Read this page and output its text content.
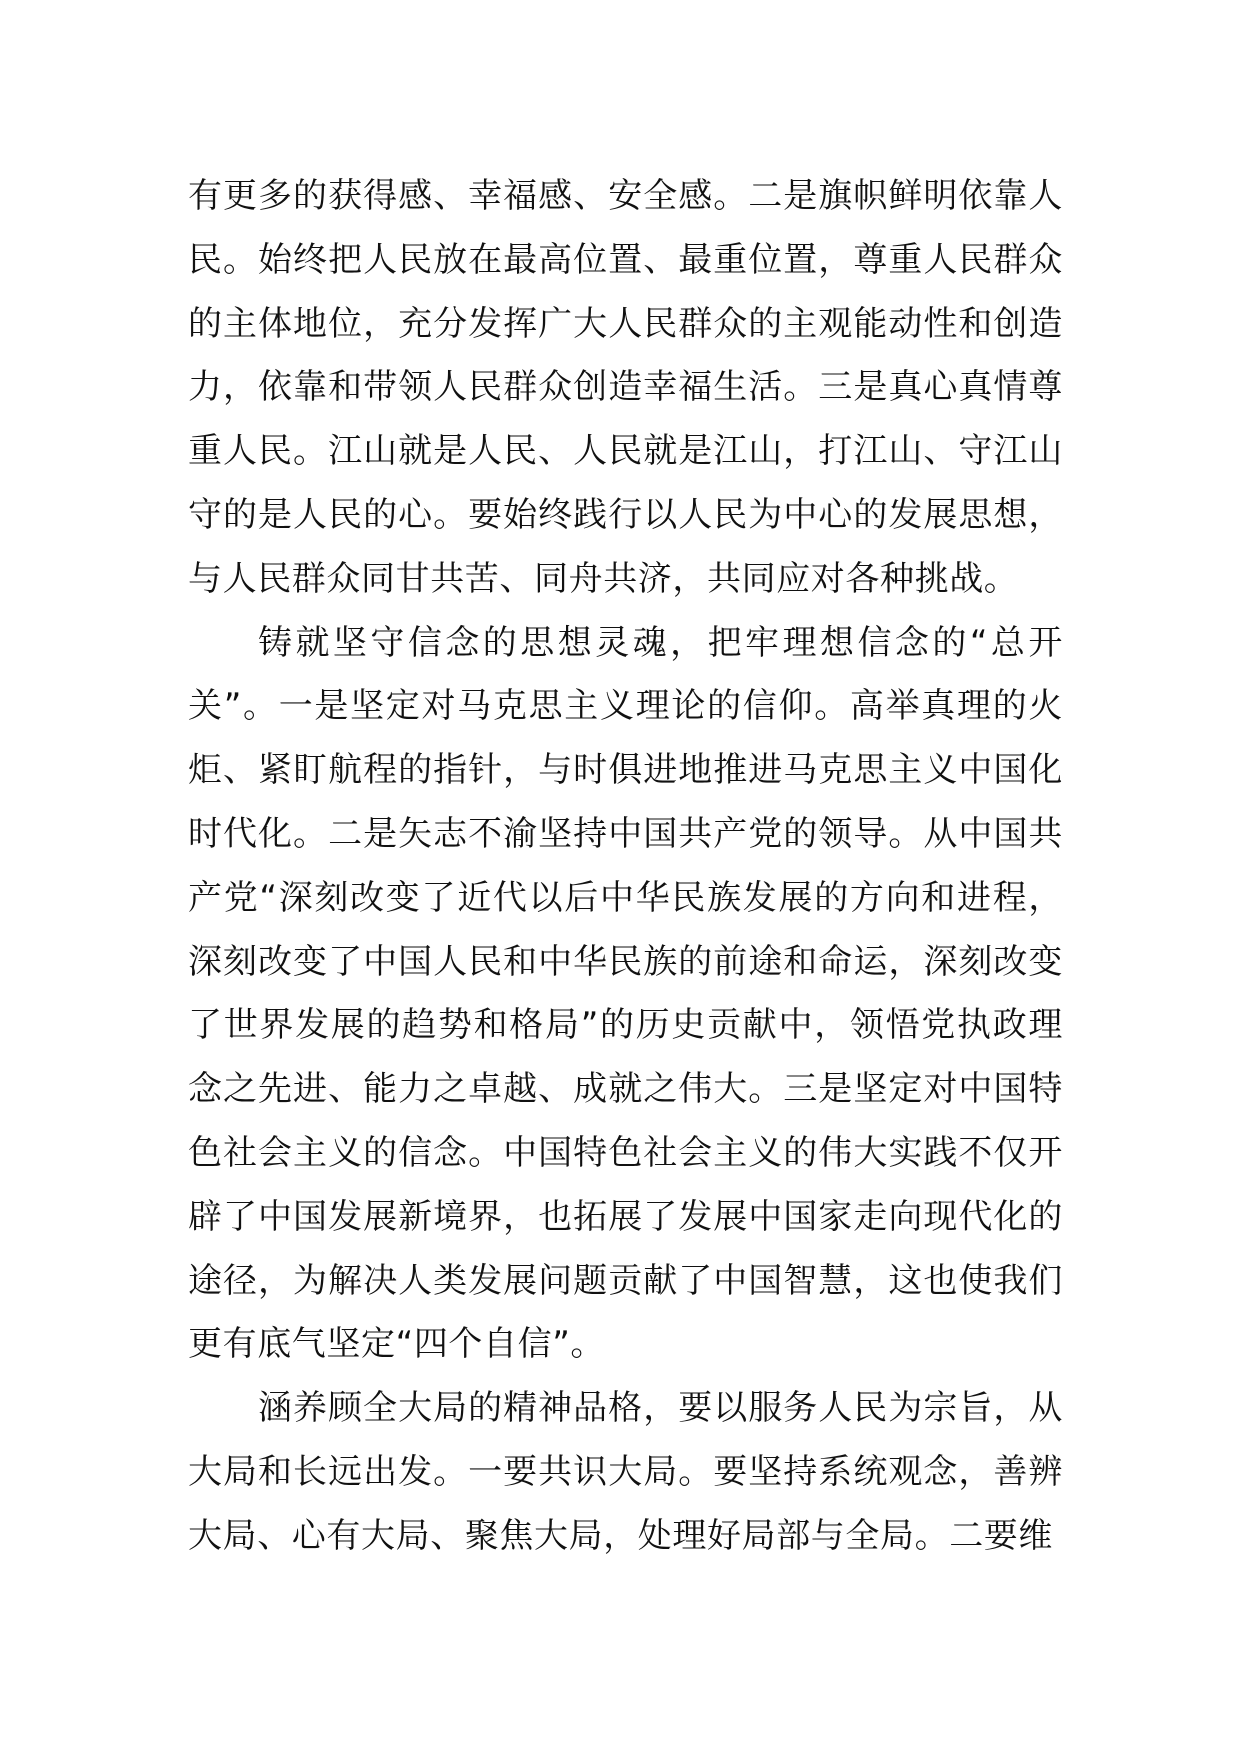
有更多的获得感、幸福感、安全感。二是旗帜鲜明依靠人民。始终把人民放在最高位置、最重位置，尊重人民群众的主体地位，充分发挥广大人民群众的主观能动性和创造力，依靠和带领人民群众创造幸福生活。三是真心真情尊重人民。江山就是人民、人民就是江山，打江山、守江山守的是人民的心。要始终践行以人民为中心的发展思想，与人民群众同甘共苦、同舟共济，共同应对各种挑战。

铸就坚守信念的思想灵魂，把牢理想信念的“总开关”。一是坚定对马克思主义理论的信仰。高举真理的火炬、紧盯航程的指针，与时俱进地推进马克思主义中国化时代化。二是矢志不渝坚持中国共产党的领导。从中国共产党“深刻改变了近代以后中华民族发展的方向和进程，深刻改变了中国人民和中华民族的前途和命运，深刻改变了世界发展的趋势和格局”的历史贡献中，领悟党执政理念之先进、能力之卓越、成就之伟大。三是坚定对中国特色社会主义的信念。中国特色社会主义的伟大实践不仅开辟了中国发展新境界，也拓展了发展中国家走向现代化的途径，为解决人类发展问题贡献了中国智慧，这也使我们更有底气坚定“四个自信”。

涵养顾全大局的精神品格，要以服务人民为宗旨，从大局和长远出发。一要共识大局。要坚持系统观念，善辨大局、心有大局、聚焦大局，处理好局部与全局。二要维
